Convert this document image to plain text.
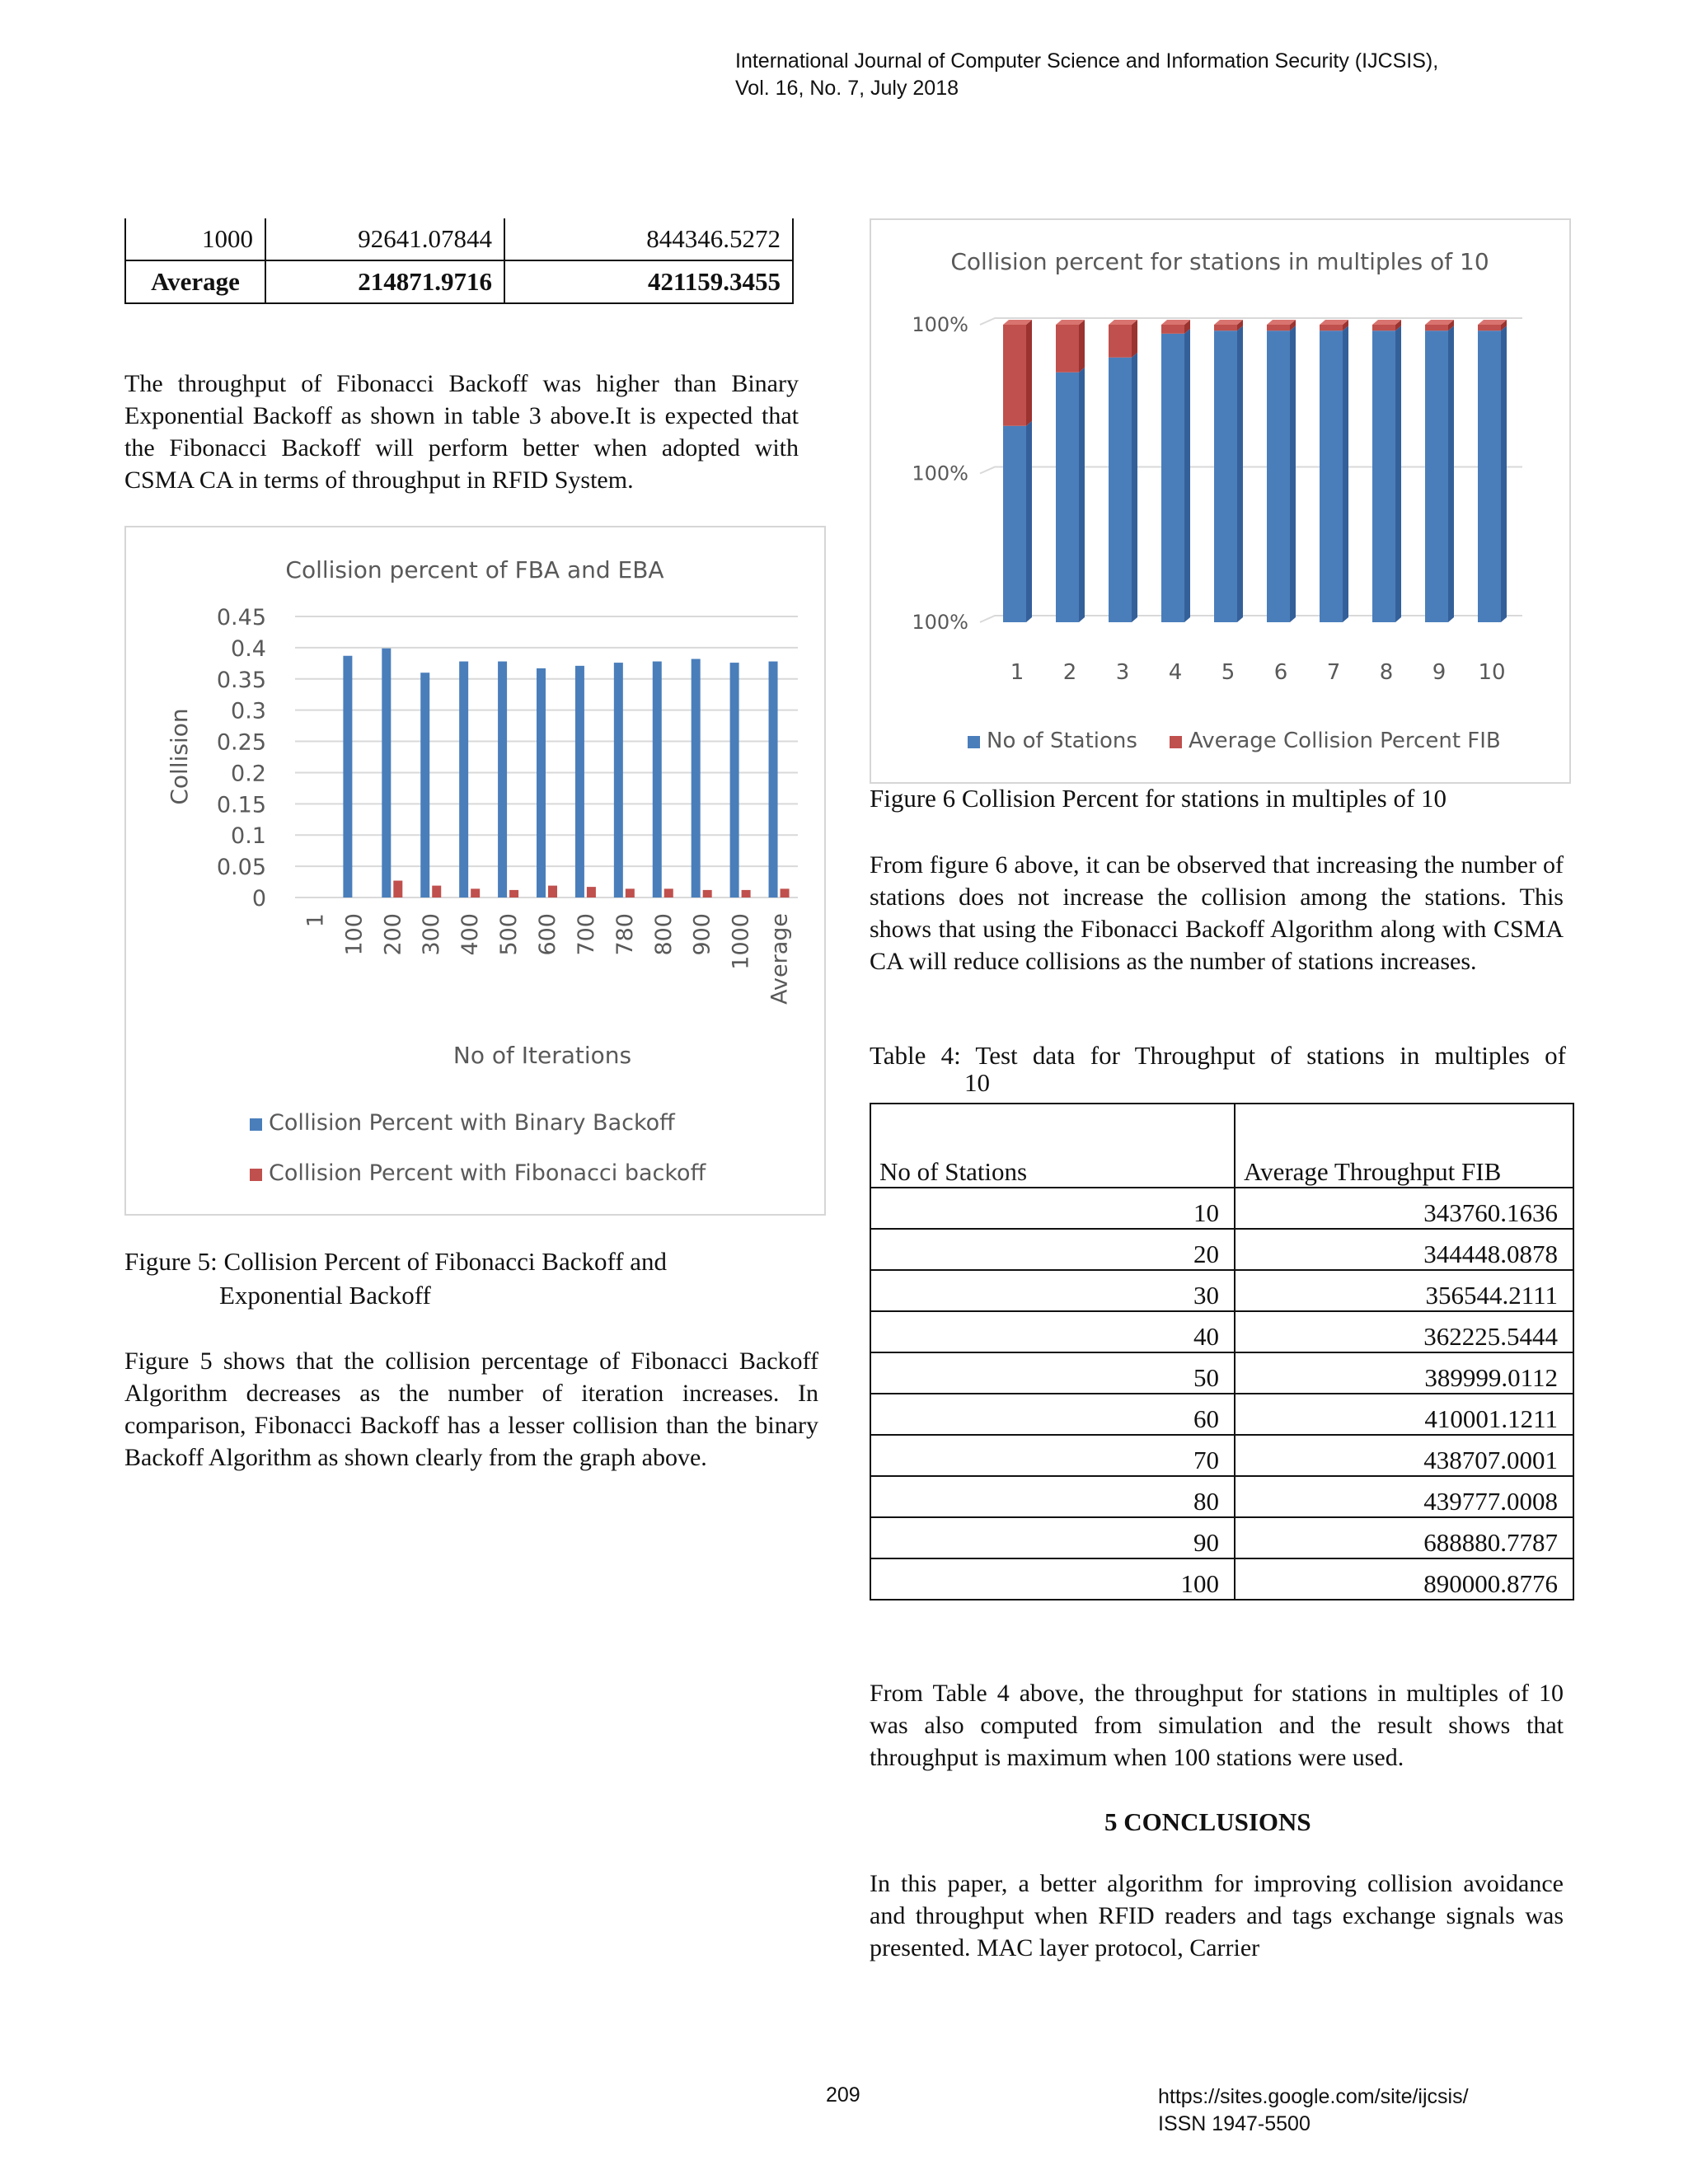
International Journal of Computer Science and Information Security (IJCSIS),
Vol. 16, No. 7, July 2018
1000	92641.07844	844346.5272
Average	214871.9716	421159.3455
The throughput of Fibonacci Backoff was higher than Binary Exponential Backoff as shown in table 3 above.It is expected that the Fibonacci Backoff will perform better when adopted with CSMA CA in terms of throughput in RFID System.
Collision percent of FBA and EBA
0
0.05
0.1
0.15
0.2
0.25
0.3
0.35
0.4
0.45
1 100 200 300 400 500 600 700 780 800 900 1000 Average
Collision
No of Iterations
Collision Percent with Binary Backoff
Collision Percent with Fibonacci backoff
Figure 5: Collision Percent of Fibonacci Backoff and
Exponential Backoff
Figure 5 shows that the collision percentage of Fibonacci Backoff Algorithm decreases as the number of iteration increases. In comparison, Fibonacci Backoff has a lesser collision than the binary Backoff Algorithm as shown clearly from the graph above.
Collision percent for stations in multiples of 10
100%
100%
100%
1 2 3 4 5 6 7 8 9 10
No of Stations Average Collision Percent FIB
Figure 6 Collision Percent for stations in multiples of 10
From figure 6 above, it can be observed that increasing the number of stations does not increase the collision among the stations. This shows that using the Fibonacci Backoff Algorithm along with CSMA CA will reduce collisions as the number of stations increases.
Table 4: Test data for Throughput of stations in multiples of
10
No of Stations	Average Throughput FIB
10	343760.1636
20	344448.0878
30	356544.2111
40	362225.5444
50	389999.0112
60	410001.1211
70	438707.0001
80	439777.0008
90	688880.7787
100	890000.8776
From Table 4 above, the throughput for stations in multiples of 10 was also computed from simulation and the result shows that throughput is maximum when 100 stations were used.
5 CONCLUSIONS
In this paper, a better algorithm for improving collision avoidance and throughput when RFID readers and tags exchange signals was presented. MAC layer protocol, Carrier
209	https://sites.google.com/site/ijcsis/
ISSN 1947-5500
